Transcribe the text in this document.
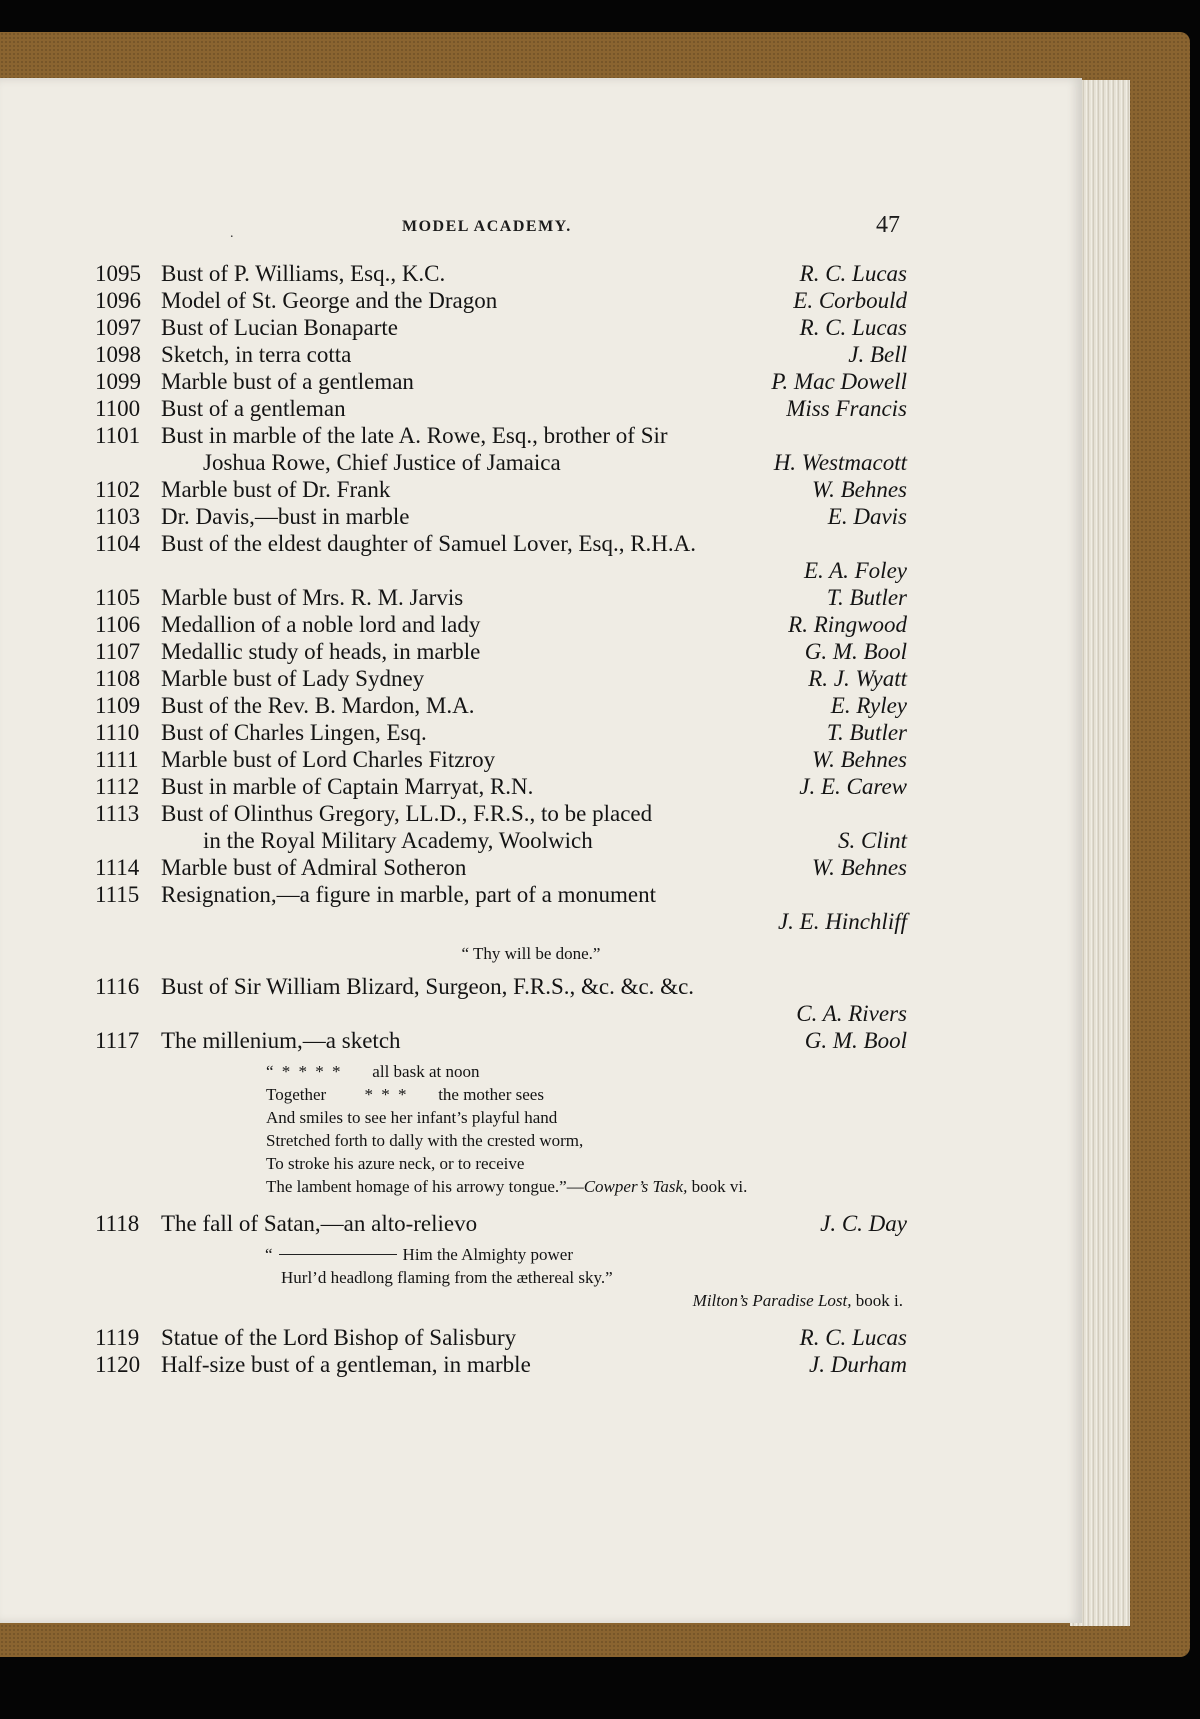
.	MODEL ACADEMY.	47
1095 Bust of P. Williams, Esq., K.C.	R. C. Lucas
1096 Model of St. George and the Dragon	E. Corbould
1097 Bust of Lucian Bonaparte	R. C. Lucas
1098 Sketch, in terra cotta	J. Bell
1099 Marble bust of a gentleman	P. Mac Dowell
1100 Bust of a gentleman	Miss Francis
1101 Bust in marble of the late A. Rowe, Esq., brother of Sir
Joshua Rowe, Chief Justice of Jamaica	H. Westmacott
1102 Marble bust of Dr. Frank	W. Behnes
1103 Dr. Davis,—bust in marble	E. Davis
1104 Bust of the eldest daughter of Samuel Lover, Esq., R.H.A.
E. A. Foley
1105 Marble bust of Mrs. R. M. Jarvis	T. Butler
1106 Medallion of a noble lord and lady	R. Ringwood
1107 Medallic study of heads, in marble	G. M. Bool
1108 Marble bust of Lady Sydney	R. J. Wyatt
1109 Bust of the Rev. B. Mardon, M.A.	E. Ryley
1110 Bust of Charles Lingen, Esq.	T. Butler
1111 Marble bust of Lord Charles Fitzroy	W. Behnes
1112 Bust in marble of Captain Marryat, R.N.	J. E. Carew
1113 Bust of Olinthus Gregory, LL.D., F.R.S., to be placed
in the Royal Military Academy, Woolwich	S. Clint
1114 Marble bust of Admiral Sotheron	W. Behnes
1115 Resignation,—a figure in marble, part of a monument
J. E. Hinchliff
“ Thy will be done.”
1116 Bust of Sir William Blizard, Surgeon, F.R.S., &c. &c. &c.
C. A. Rivers
1117 The millenium,—a sketch	G. M. Bool
“ * * * * all bask at noon
Together * * * the mother sees
And smiles to see her infant’s playful hand
Stretched forth to dally with the crested worm,
To stroke his azure neck, or to receive
The lambent homage of his arrowy tongue.”—Cowper’s Task, book vi.
1118 The fall of Satan,—an alto-relievo	J. C. Day
“	Him the Almighty power
Hurl’d headlong flaming from the æthereal sky.”
Milton’s Paradise Lost, book i.
1119 Statue of the Lord Bishop of Salisbury	R. C. Lucas
1120 Half-size bust of a gentleman, in marble	J. Durham
